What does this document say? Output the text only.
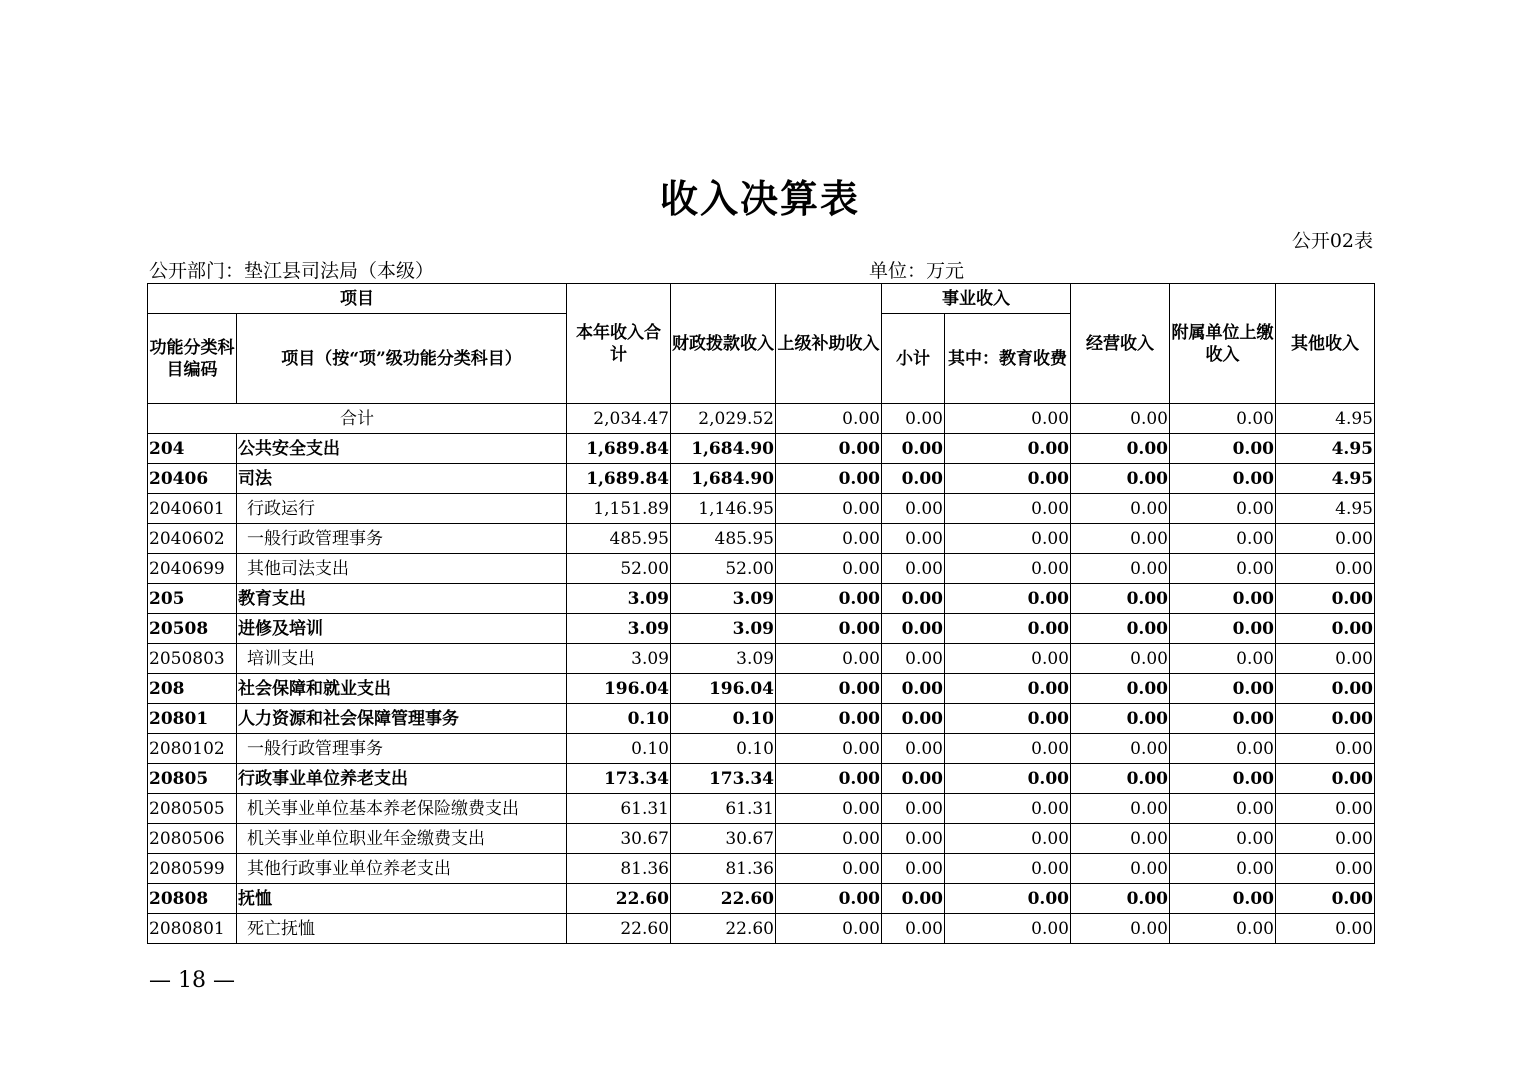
收入决算表
公开02表
公开部门：垫江县司法局（本级）	单位：万元
项目		本年收入合计	财政拨款收入	上级补助收入	事业收入		经营收入	附属单位上缴收入	其他收入
功能分类科目编码	项目（按“项”级功能分类科目）				小计	其中：教育收费			
合计		2,034.47	2,029.52	0.00	0.00	0.00	0.00	0.00	4.95
204	公共安全支出	1,689.84	1,684.90	0.00	0.00	0.00	0.00	0.00	4.95
20406	司法	1,689.84	1,684.90	0.00	0.00	0.00	0.00	0.00	4.95
2040601	行政运行	1,151.89	1,146.95	0.00	0.00	0.00	0.00	0.00	4.95
2040602	一般行政管理事务	485.95	485.95	0.00	0.00	0.00	0.00	0.00	0.00
2040699	其他司法支出	52.00	52.00	0.00	0.00	0.00	0.00	0.00	0.00
205	教育支出	3.09	3.09	0.00	0.00	0.00	0.00	0.00	0.00
20508	进修及培训	3.09	3.09	0.00	0.00	0.00	0.00	0.00	0.00
2050803	培训支出	3.09	3.09	0.00	0.00	0.00	0.00	0.00	0.00
208	社会保障和就业支出	196.04	196.04	0.00	0.00	0.00	0.00	0.00	0.00
20801	人力资源和社会保障管理事务	0.10	0.10	0.00	0.00	0.00	0.00	0.00	0.00
2080102	一般行政管理事务	0.10	0.10	0.00	0.00	0.00	0.00	0.00	0.00
20805	行政事业单位养老支出	173.34	173.34	0.00	0.00	0.00	0.00	0.00	0.00
2080505	机关事业单位基本养老保险缴费支出	61.31	61.31	0.00	0.00	0.00	0.00	0.00	0.00
2080506	机关事业单位职业年金缴费支出	30.67	30.67	0.00	0.00	0.00	0.00	0.00	0.00
2080599	其他行政事业单位养老支出	81.36	81.36	0.00	0.00	0.00	0.00	0.00	0.00
20808	抚恤	22.60	22.60	0.00	0.00	0.00	0.00	0.00	0.00
2080801	死亡抚恤	22.60	22.60	0.00	0.00	0.00	0.00	0.00	0.00
— 18 —
